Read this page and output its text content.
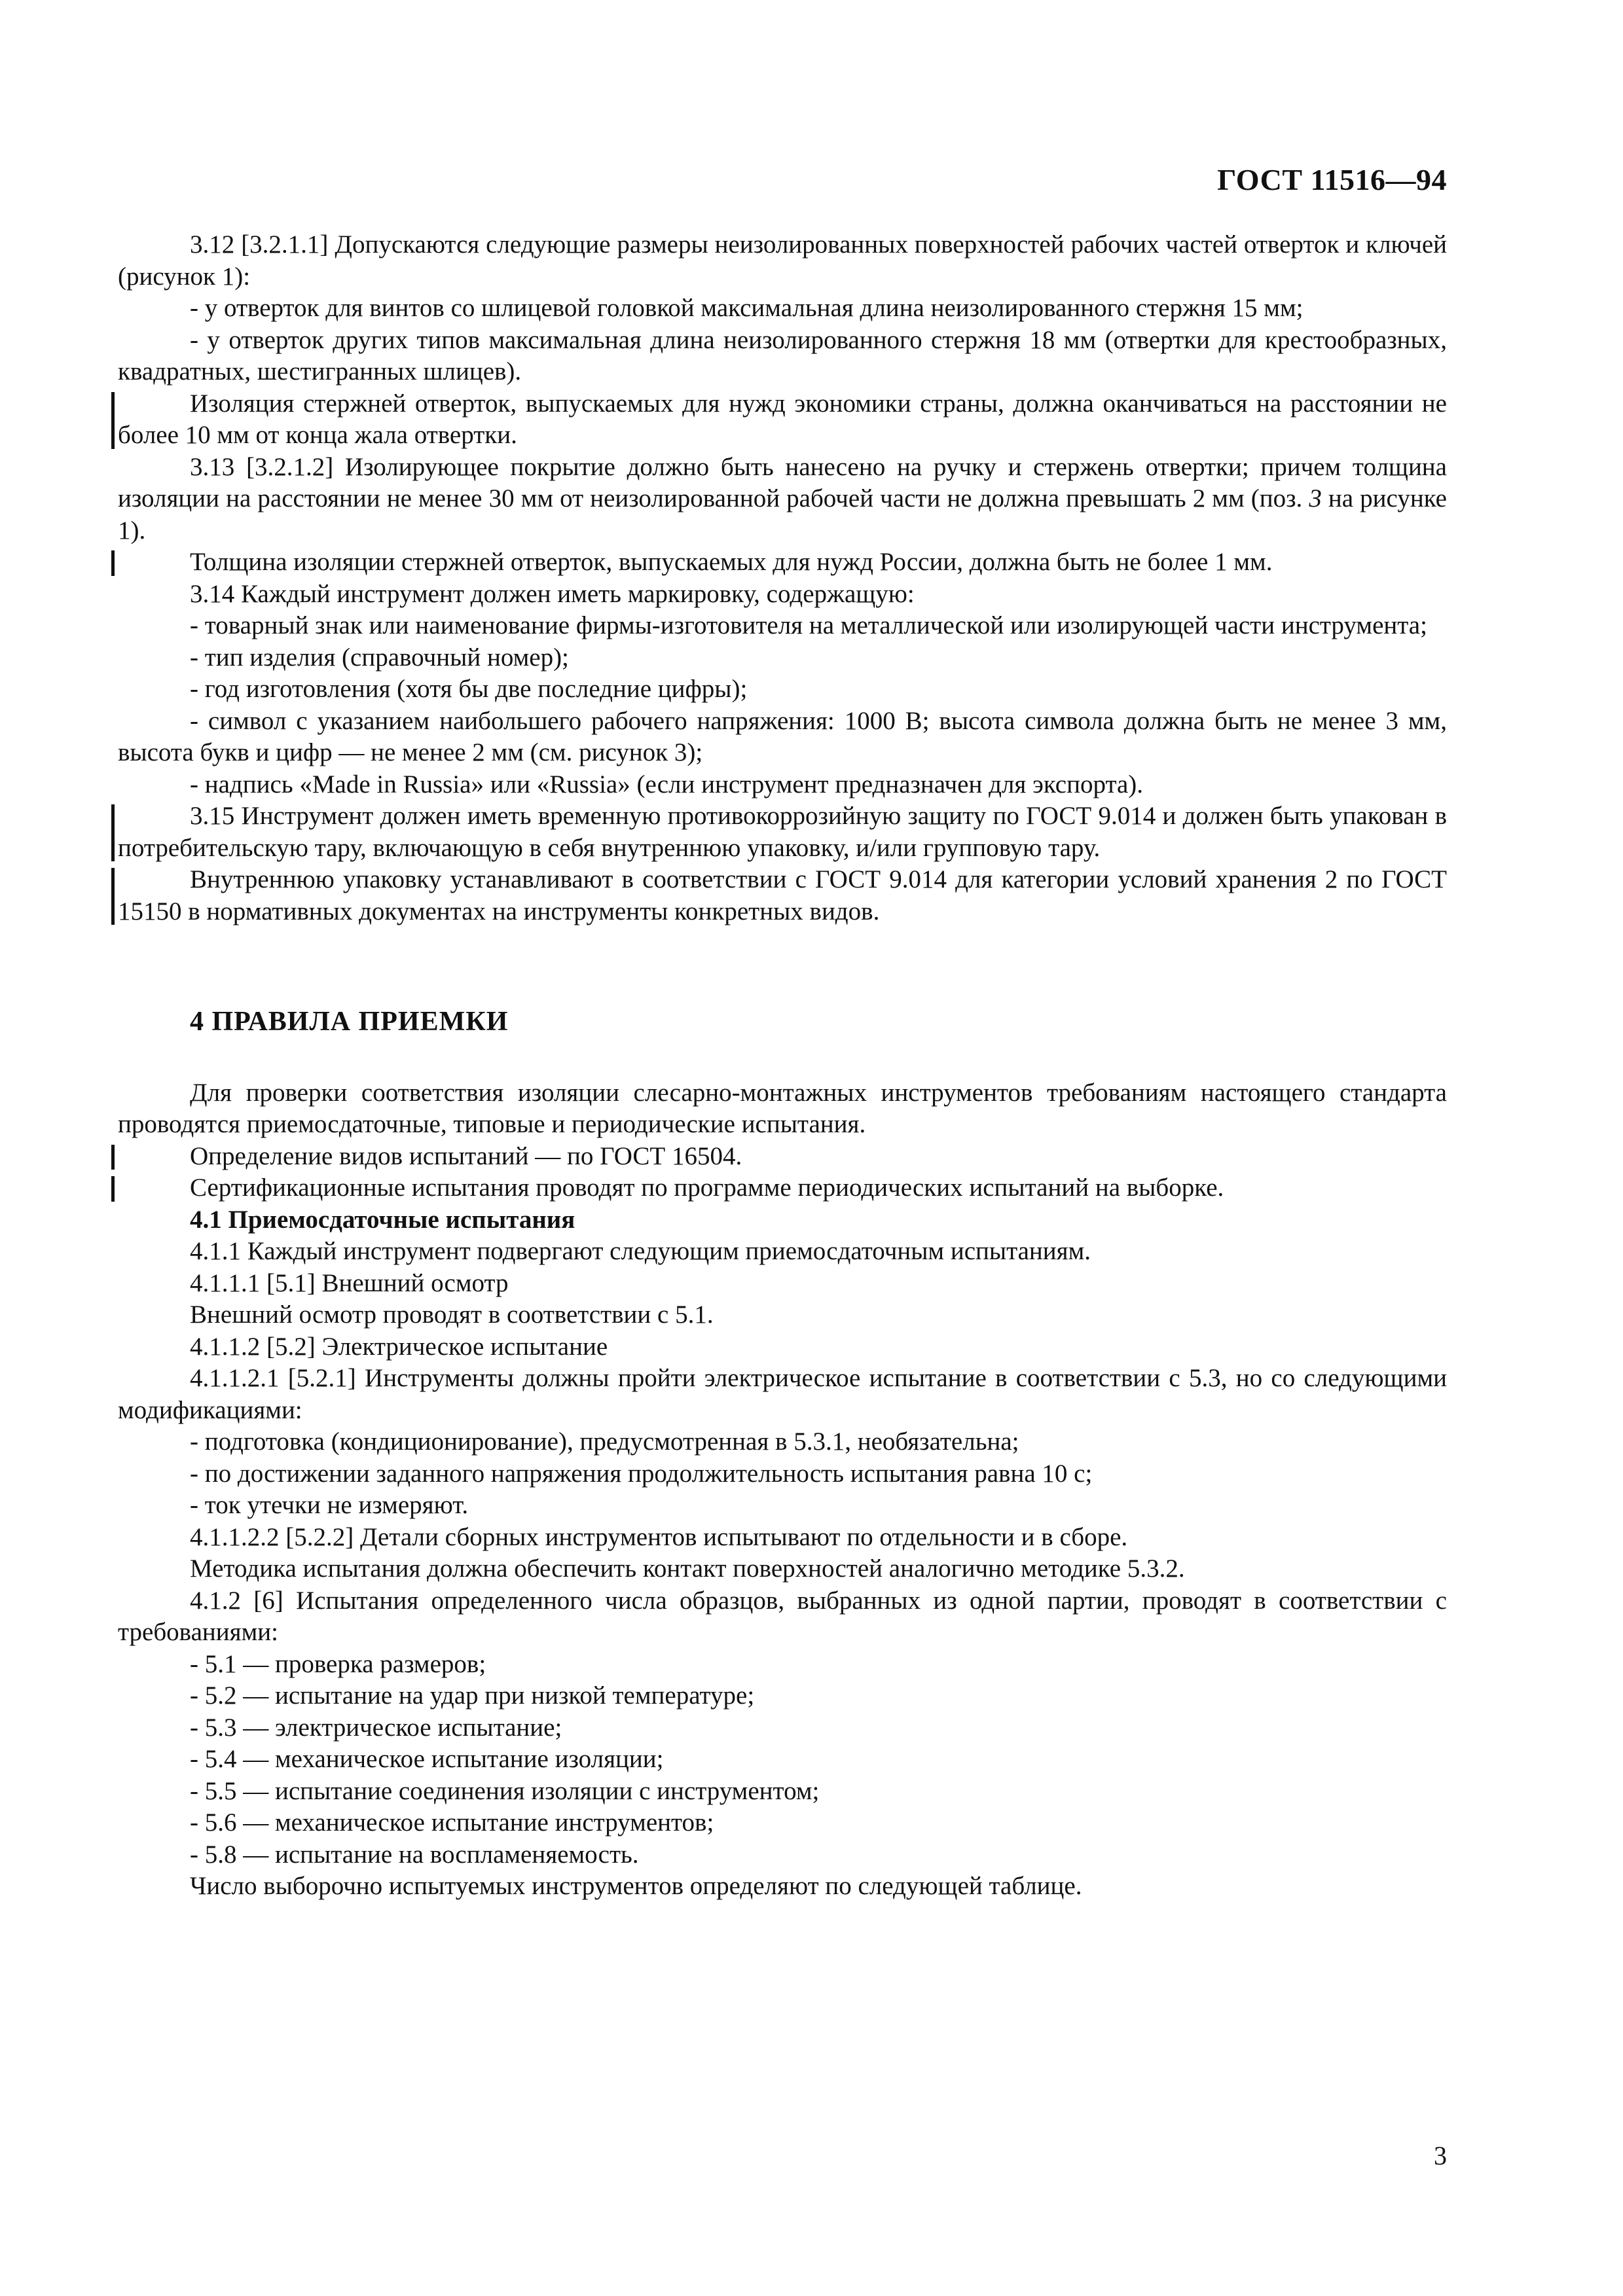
ГОСТ 11516—94

3.12 [3.2.1.1] Допускаются следующие размеры неизолированных поверхностей рабочих частей отверток и ключей (рисунок 1):

- у отверток для винтов со шлицевой головкой максимальная длина неизолированного стержня 15 мм;

- у отверток других типов максимальная длина неизолированного стержня 18 мм (отвертки для крестообразных, квадратных, шестигранных шлицев).

Изоляция стержней отверток, выпускаемых для нужд экономики страны, должна оканчиваться на расстоянии не более 10 мм от конца жала отвертки.

3.13 [3.2.1.2] Изолирующее покрытие должно быть нанесено на ручку и стержень отвертки; причем толщина изоляции на расстоянии не менее 30 мм от неизолированной рабочей части не должна превышать 2 мм (поз. 3 на рисунке 1).

Толщина изоляции стержней отверток, выпускаемых для нужд России, должна быть не более 1 мм.

3.14 Каждый инструмент должен иметь маркировку, содержащую:

- товарный знак или наименование фирмы-изготовителя на металлической или изолирующей части инструмента;

- тип изделия (справочный номер);

- год изготовления (хотя бы две последние цифры);

- символ с указанием наибольшего рабочего напряжения: 1000 В; высота символа должна быть не менее 3 мм, высота букв и цифр — не менее 2 мм (см. рисунок 3);

- надпись «Made in Russia» или «Russia» (если инструмент предназначен для экспорта).

3.15 Инструмент должен иметь временную противокоррозийную защиту по ГОСТ 9.014 и должен быть упакован в потребительскую тару, включающую в себя внутреннюю упаковку, и/или групповую тару.

Внутреннюю упаковку устанавливают в соответствии с ГОСТ 9.014 для категории условий хранения 2 по ГОСТ 15150 в нормативных документах на инструменты конкретных видов.

4 ПРАВИЛА ПРИЕМКИ

Для проверки соответствия изоляции слесарно-монтажных инструментов требованиям настоящего стандарта проводятся приемосдаточные, типовые и периодические испытания.

Определение видов испытаний — по ГОСТ 16504.

Сертификационные испытания проводят по программе периодических испытаний на выборке.

4.1 Приемосдаточные испытания

4.1.1 Каждый инструмент подвергают следующим приемосдаточным испытаниям.

4.1.1.1 [5.1] Внешний осмотр

Внешний осмотр проводят в соответствии с 5.1.

4.1.1.2 [5.2] Электрическое испытание

4.1.1.2.1 [5.2.1] Инструменты должны пройти электрическое испытание в соответствии с 5.3, но со следующими модификациями:

- подготовка (кондиционирование), предусмотренная в 5.3.1, необязательна;

- по достижении заданного напряжения продолжительность испытания равна 10 с;

- ток утечки не измеряют.

4.1.1.2.2 [5.2.2] Детали сборных инструментов испытывают по отдельности и в сборе.

Методика испытания должна обеспечить контакт поверхностей аналогично методике 5.3.2.

4.1.2 [6] Испытания определенного числа образцов, выбранных из одной партии, проводят в соответствии с требованиями:

- 5.1 — проверка размеров;

- 5.2 — испытание на удар при низкой температуре;

- 5.3 — электрическое испытание;

- 5.4 — механическое испытание изоляции;

- 5.5 — испытание соединения изоляции с инструментом;

- 5.6 — механическое испытание инструментов;

- 5.8 — испытание на воспламеняемость.

Число выборочно испытуемых инструментов определяют по следующей таблице.

3
